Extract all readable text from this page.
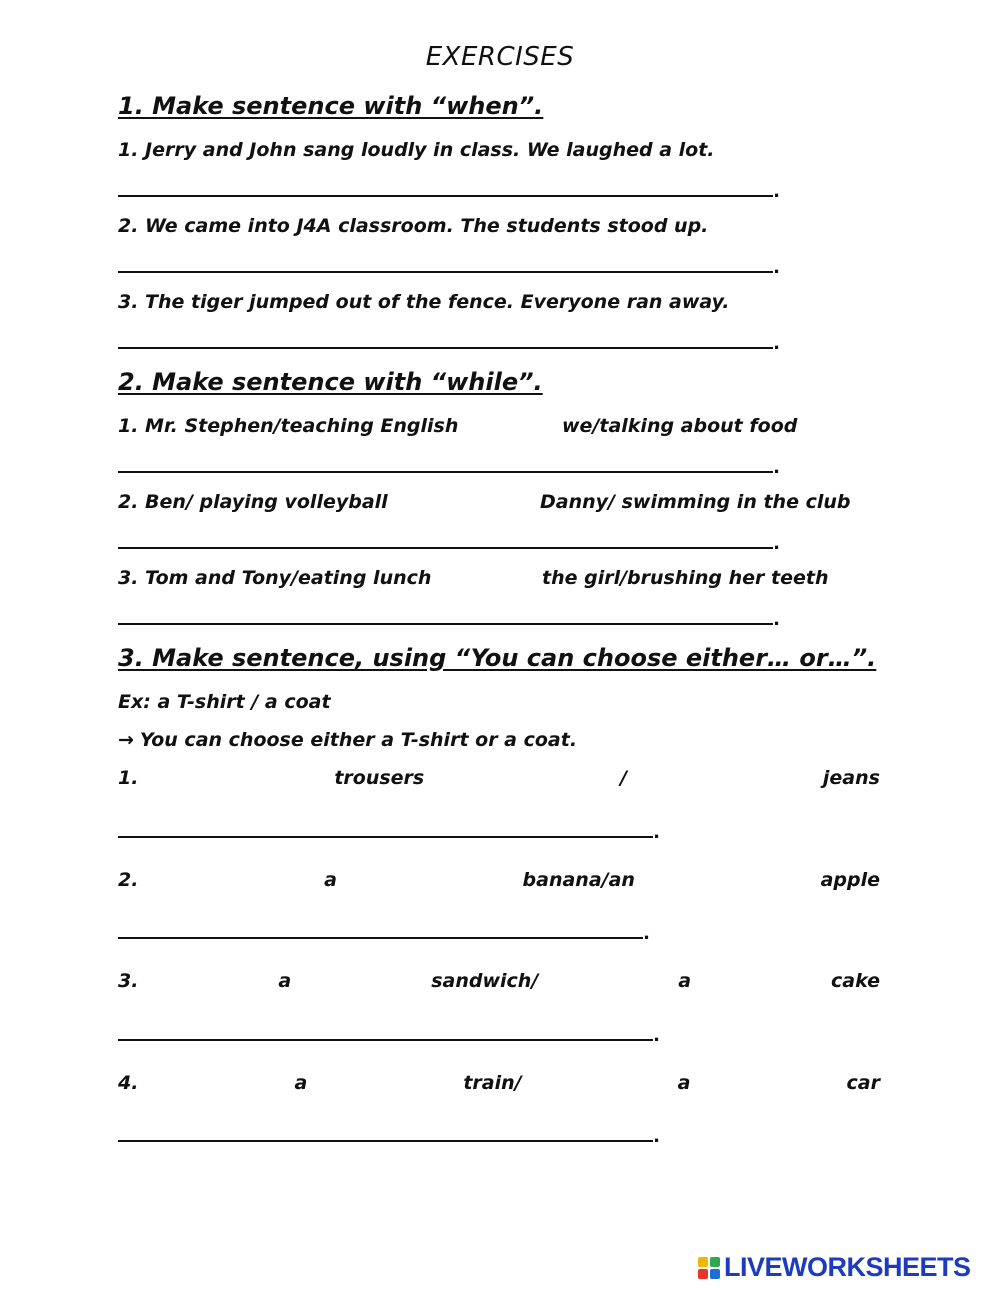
EXERCISES
1. Make sentence with “when”.
1. Jerry and John sang loudly in class. We laughed a lot.
.
2. We came into J4A classroom. The students stood up.
.
3. The tiger jumped out of the fence. Everyone ran away.
.
2. Make sentence with “while”.
1. Mr. Stephen/teaching English	we/talking about food
.
2. Ben/ playing volleyball	Danny/ swimming in the club
.
3. Tom and Tony/eating lunch	the girl/brushing her teeth
.
3. Make sentence, using “You can choose either… or…”.
Ex: a T-shirt / a coat
→ You can choose either a T-shirt or a coat.
1.	trousers	/	jeans
.
2.	a	banana/an	apple
.
3.	a	sandwich/	a	cake
.
4.	a	train/	a	car
.
LIVEWORKSHEETS
